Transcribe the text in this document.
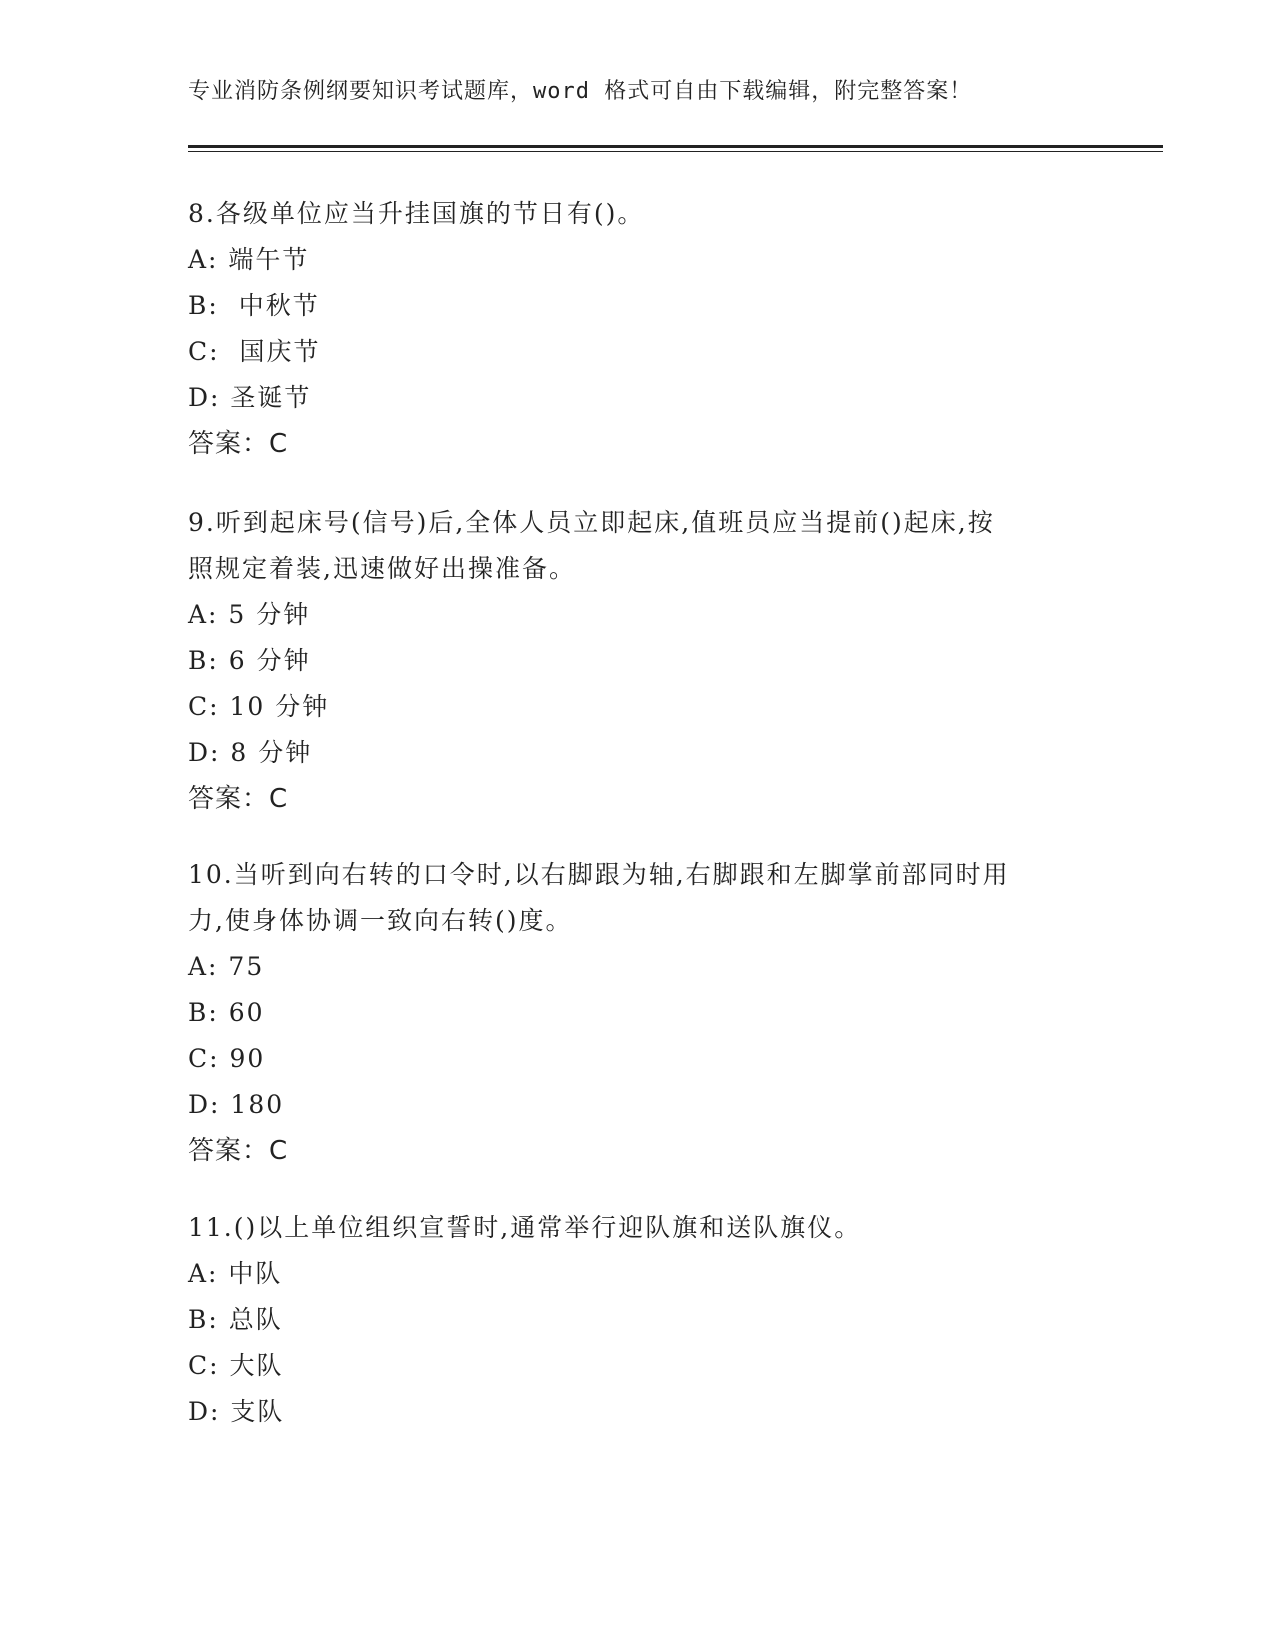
专业消防条例纲要知识考试题库，word 格式可自由下载编辑，附完整答案！

8.各级单位应当升挂国旗的节日有()。

A: 端午节

B:  中秋节

C:  国庆节

D: 圣诞节

答案：C

9.听到起床号(信号)后,全体人员立即起床,值班员应当提前()起床,按

照规定着装,迅速做好出操准备。

A: 5 分钟

B: 6 分钟

C: 10 分钟

D: 8 分钟

答案：C

10.当听到向右转的口令时,以右脚跟为轴,右脚跟和左脚掌前部同时用

力,使身体协调一致向右转()度。

A: 75

B: 60

C: 90

D: 180

答案：C

11.()以上单位组织宣誓时,通常举行迎队旗和送队旗仪。

A: 中队

B: 总队

C: 大队

D: 支队
